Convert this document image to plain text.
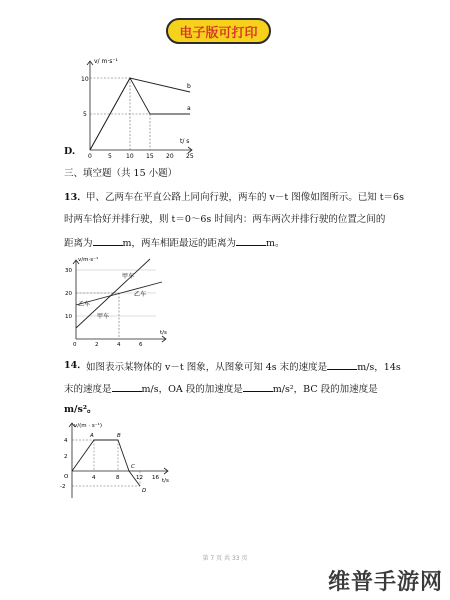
电子版可打印
v/ m·s⁻¹
t/ s
10
5
0	5 10 15 20 25
b
a
D.
三、填空题（共 15 小题）
13． 甲、乙两车在平直公路上同向行驶，两车的 v－t 图像如图所示。已知 t＝6s
时两车恰好并排行驶，则 t＝0～6s 时间内：两车两次并排行驶的位置之间的
距离为	m，两车相距最远的距离为	m。
v/m·s⁻¹
t/s
30
20
10
0	2	4	6
甲车
乙车
乙车
甲车
14． 如图表示某物体的 v－t 图象，从图象可知 4s 末的速度是	m/s，14s
末的速度是	m/s，OA 段的加速度是	m/s²，BC 段的加速度是
m/s²。
v/(m · s⁻¹)
t/s
4
2
-2
O
A	B
C
D
4	8	12 16
第 7 页 共 33 页
维普手游网
